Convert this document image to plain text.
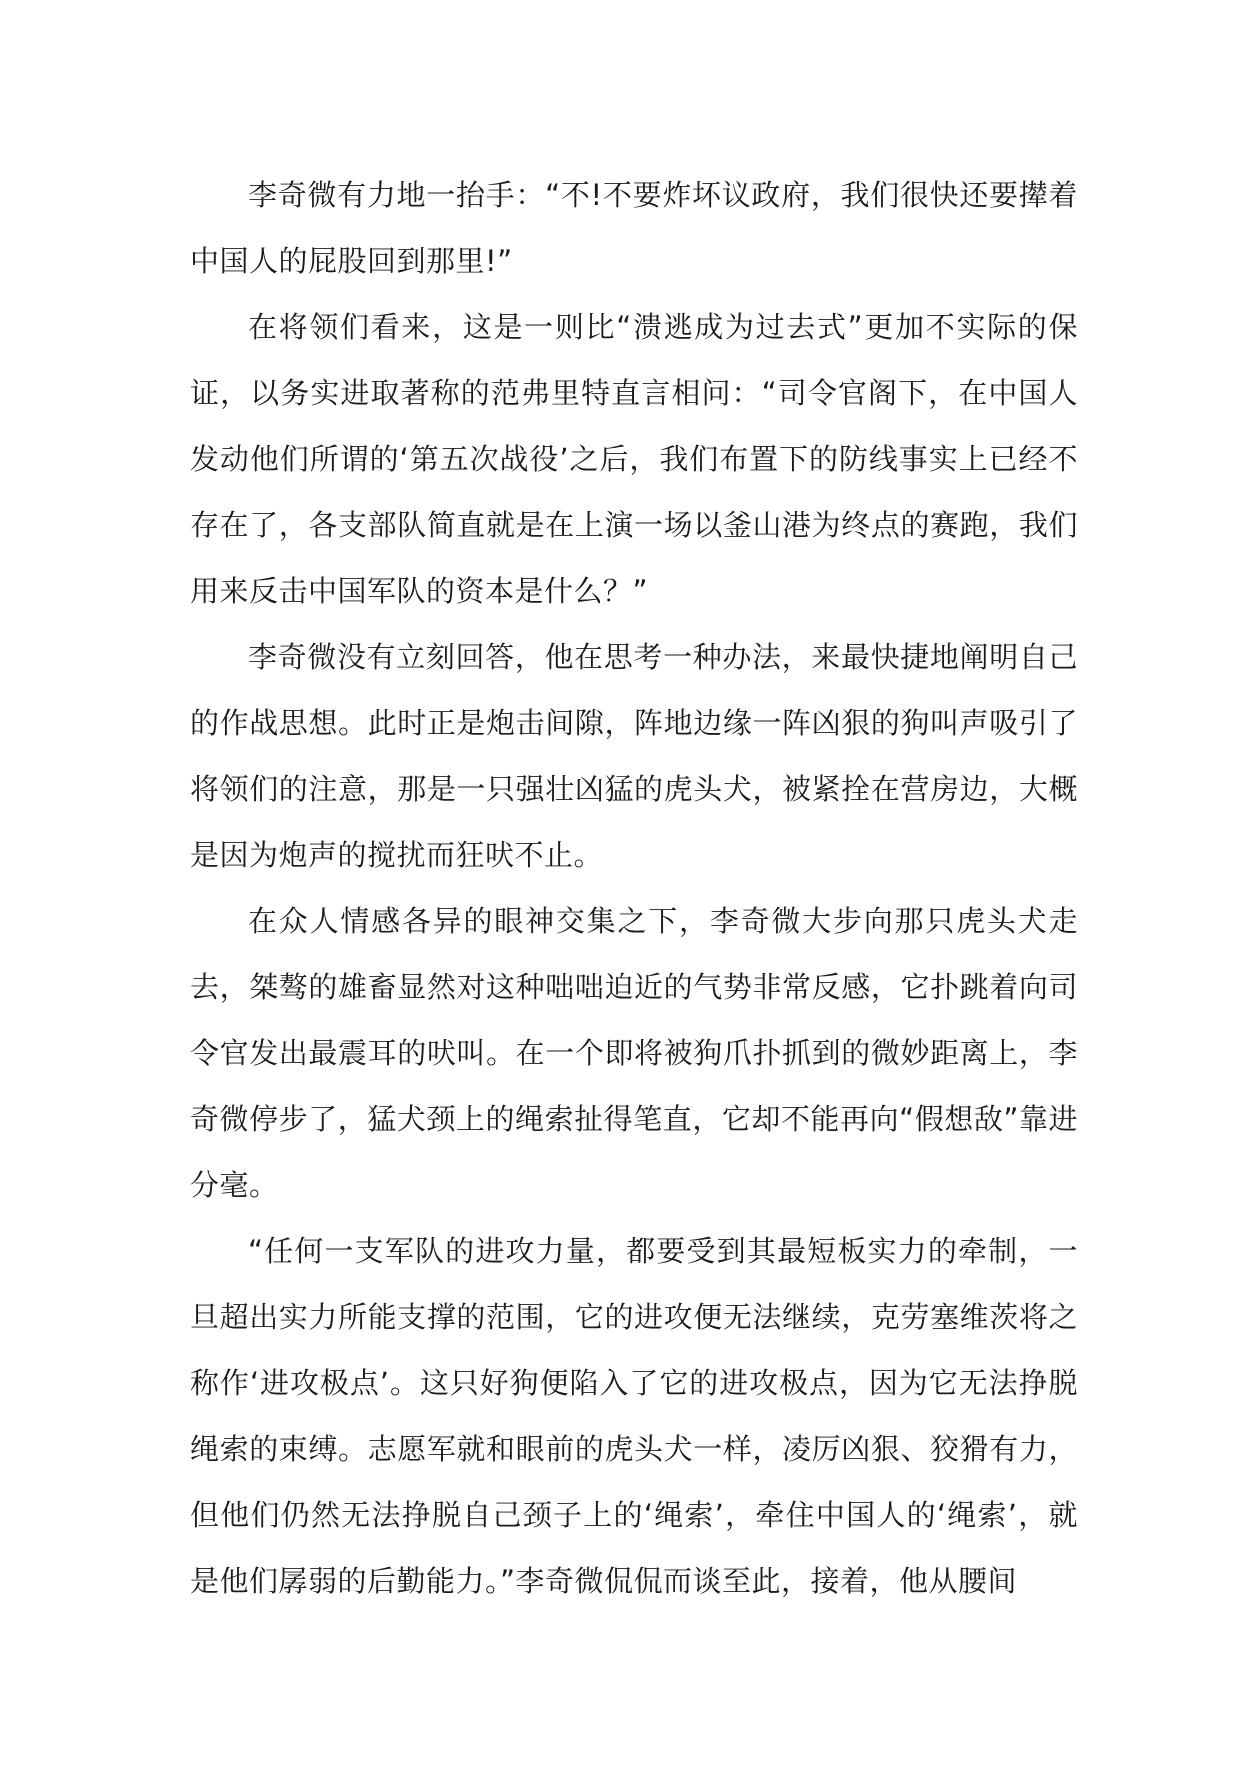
李奇微有力地一抬手：“不!不要炸坏议政府，我们很快还要撵着中国人的屁股回到那里!”

在将领们看来，这是一则比“溃逃成为过去式”更加不实际的保证，以务实进取著称的范弗里特直言相问：“司令官阁下，在中国人发动他们所谓的‘第五次战役’之后，我们布置下的防线事实上已经不存在了，各支部队简直就是在上演一场以釜山港为终点的赛跑，我们用来反击中国军队的资本是什么？”

李奇微没有立刻回答，他在思考一种办法，来最快捷地阐明自己的作战思想。此时正是炮击间隙，阵地边缘一阵凶狠的狗叫声吸引了将领们的注意，那是一只强壮凶猛的虎头犬，被紧拴在营房边，大概是因为炮声的搅扰而狂吠不止。

在众人情感各异的眼神交集之下，李奇微大步向那只虎头犬走去，桀骜的雄畜显然对这种咄咄迫近的气势非常反感，它扑跳着向司令官发出最震耳的吠叫。在一个即将被狗爪扑抓到的微妙距离上，李奇微停步了，猛犬颈上的绳索扯得笔直，它却不能再向“假想敌”靠进分毫。

“任何一支军队的进攻力量，都要受到其最短板实力的牵制，一旦超出实力所能支撑的范围，它的进攻便无法继续，克劳塞维茨将之称作‘进攻极点’。这只好狗便陷入了它的进攻极点，因为它无法挣脱绳索的束缚。志愿军就和眼前的虎头犬一样，凌厉凶狠、狡猾有力，但他们仍然无法挣脱自己颈子上的‘绳索’，牵住中国人的‘绳索’，就是他们孱弱的后勤能力。”李奇微侃侃而谈至此，接着，他从腰间
